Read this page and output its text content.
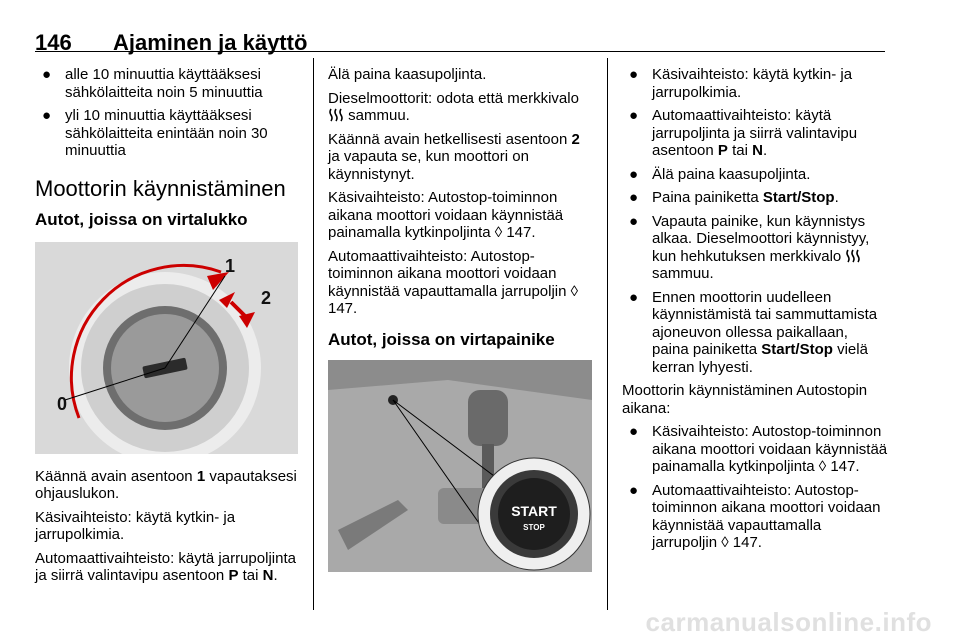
146 Ajaminen ja käyttö
● alle 10 minuuttia käyttääksesi sähkölaitteita noin 5 minuuttia
● yli 10 minuuttia käyttääksesi sähkölaitteita enintään noin 30 minuuttia
Moottorin käynnistäminen
Autot, joissa on virtalukko
0
1
2

Käännä avain asentoon 1 vapautaksesi ohjauslukon.

Käsivaihteisto: käytä kytkin- ja jarrupolkimia.

Automaattivaihteisto: käytä jarrupoljinta ja siirrä valintavipu asentoon P tai N.

Älä paina kaasupoljinta.

Dieselmoottorit: odota että merkkivalo  sammuu.

Käännä avain hetkellisesti asentoon 2 ja vapauta se, kun moottori on käynnistynyt.

Käsivaihteisto: Autostop-toiminnon aikana moottori voidaan käynnistää painamalla kytkinpoljinta ◊ 147.

Automaattivaihteisto: Autostop-toiminnon aikana moottori voidaan käynnistää vapauttamalla jarrupoljin ◊ 147.

Autot, joissa on virtapainike
START
STOP
● Käsivaihteisto: käytä kytkin- ja jarrupolkimia.
● Automaattivaihteisto: käytä jarrupoljinta ja siirrä valintavipu asentoon P tai N.
● Älä paina kaasupoljinta.
● Paina painiketta Start/Stop.
● Vapauta painike, kun käynnistys alkaa. Dieselmoottori käynnistyy, kun hehkutuksen merkkivalo  sammuu.
● Ennen moottorin uudelleen käynnistämistä tai sammuttamista ajoneuvon ollessa paikallaan, paina painiketta Start/Stop vielä kerran lyhyesti.

Moottorin käynnistäminen Autostopin aikana:

● Käsivaihteisto: Autostop-toiminnon aikana moottori voidaan käynnistää painamalla kytkinpoljinta ◊ 147.
● Automaattivaihteisto: Autostop-toiminnon aikana moottori voidaan käynnistää vapauttamalla jarrupoljin ◊ 147.
carmanualsonline.info
